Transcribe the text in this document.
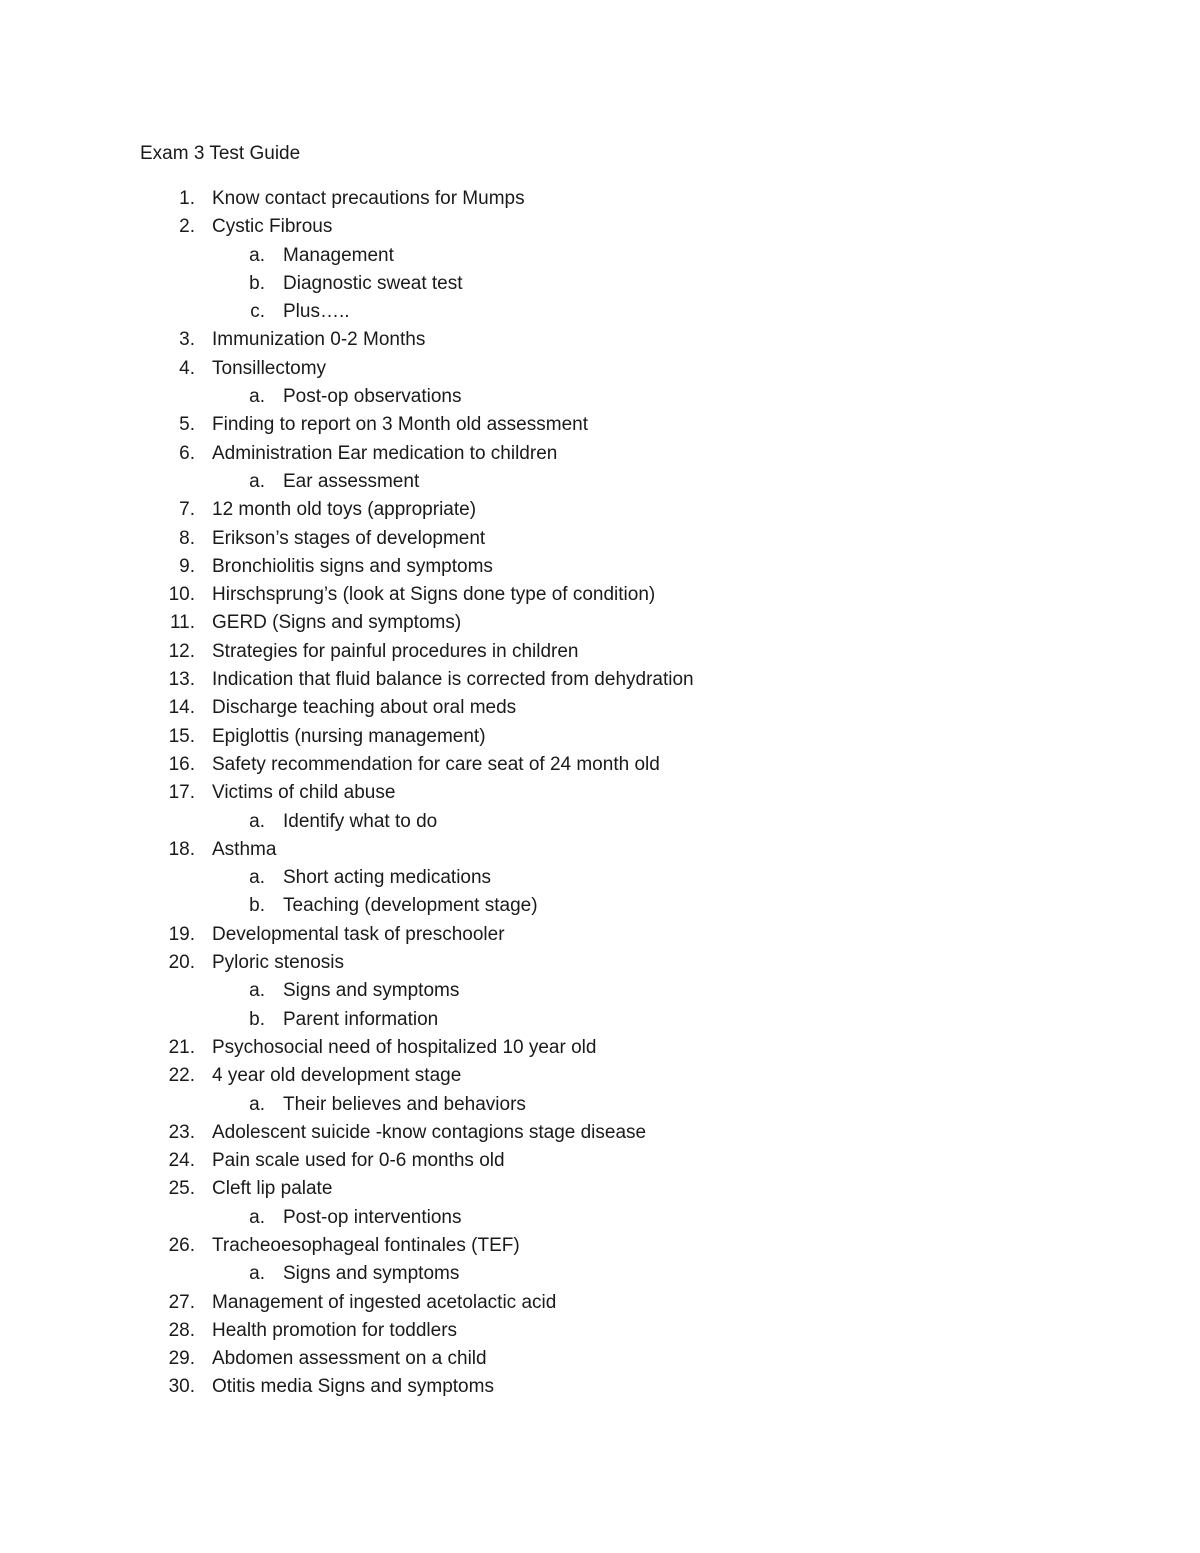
Exam 3 Test Guide
1. Know contact precautions for Mumps
2. Cystic Fibrous
a. Management
b. Diagnostic sweat test
c. Plus…..
3. Immunization 0-2 Months
4. Tonsillectomy
a. Post-op observations
5. Finding to report on 3 Month old assessment
6. Administration Ear medication to children
a. Ear assessment
7. 12 month old toys (appropriate)
8. Erikson’s stages of development
9. Bronchiolitis signs and symptoms
10. Hirschsprung’s (look at Signs done type of condition)
11. GERD (Signs and symptoms)
12. Strategies for painful procedures in children
13. Indication that fluid balance is corrected from dehydration
14. Discharge teaching about oral meds
15. Epiglottis (nursing management)
16. Safety recommendation for care seat of 24 month old
17. Victims of child abuse
a. Identify what to do
18. Asthma
a. Short acting medications
b. Teaching (development stage)
19. Developmental task of preschooler
20. Pyloric stenosis
a. Signs and symptoms
b. Parent information
21. Psychosocial need of hospitalized 10 year old
22. 4 year old development stage
a. Their believes and behaviors
23. Adolescent suicide -know contagions stage disease
24. Pain scale used for 0-6 months old
25. Cleft lip palate
a. Post-op interventions
26. Tracheoesophageal fontinales (TEF)
a. Signs and symptoms
27. Management of ingested acetolactic acid
28. Health promotion for toddlers
29. Abdomen assessment on a child
30. Otitis media Signs and symptoms
